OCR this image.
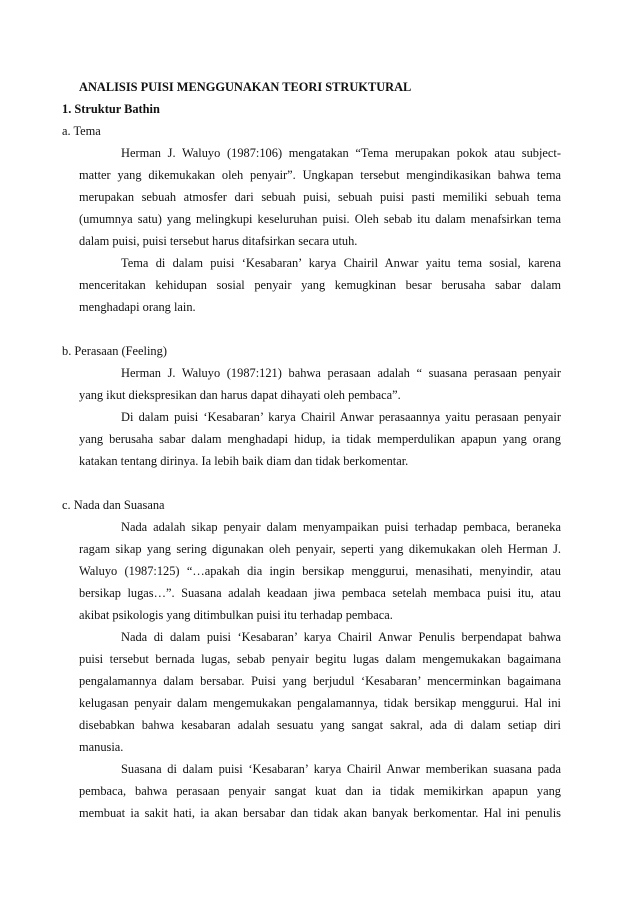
ANALISIS PUISI MENGGUNAKAN TEORI STRUKTURAL
1. Struktur Bathin
a. Tema
Herman J. Waluyo (1987:106) mengatakan “Tema merupakan pokok atau subject-
matter yang dikemukakan oleh penyair”. Ungkapan tersebut mengindikasikan bahwa tema
merupakan sebuah atmosfer dari sebuah puisi, sebuah puisi pasti memiliki sebuah tema
(umumnya satu) yang melingkupi keseluruhan puisi. Oleh sebab itu dalam menafsirkan tema
dalam puisi, puisi tersebut harus ditafsirkan secara utuh.
Tema di dalam puisi ‘Kesabaran’ karya Chairil Anwar yaitu tema sosial, karena
menceritakan kehidupan sosial penyair yang kemugkinan besar berusaha sabar dalam
menghadapi orang lain.
b. Perasaan (Feeling)
Herman J. Waluyo (1987:121) bahwa perasaan adalah “ suasana perasaan penyair
yang ikut diekspresikan dan harus dapat dihayati oleh pembaca”.
Di dalam puisi ‘Kesabaran’ karya Chairil Anwar perasaannya yaitu perasaan penyair
yang berusaha sabar dalam menghadapi hidup, ia tidak memperdulikan apapun yang orang
katakan tentang dirinya. Ia lebih baik diam dan tidak berkomentar.
c. Nada dan Suasana
Nada adalah sikap penyair dalam menyampaikan puisi terhadap pembaca, beraneka
ragam sikap yang sering digunakan oleh penyair, seperti yang dikemukakan oleh Herman J.
Waluyo (1987:125) “…apakah dia ingin bersikap menggurui, menasihati, menyindir, atau
bersikap lugas…”. Suasana adalah keadaan jiwa pembaca setelah membaca puisi itu, atau
akibat psikologis yang ditimbulkan puisi itu terhadap pembaca.
Nada di dalam puisi ‘Kesabaran’ karya Chairil Anwar Penulis berpendapat bahwa
puisi tersebut bernada lugas, sebab penyair begitu lugas dalam mengemukakan bagaimana
pengalamannya dalam bersabar. Puisi yang berjudul ‘Kesabaran’ mencerminkan bagaimana
kelugasan penyair dalam mengemukakan pengalamannya, tidak bersikap menggurui. Hal ini
disebabkan bahwa kesabaran adalah sesuatu yang sangat sakral, ada di dalam setiap diri
manusia.
Suasana di dalam puisi ‘Kesabaran’ karya Chairil Anwar memberikan suasana pada
pembaca, bahwa perasaan penyair sangat kuat dan ia tidak memikirkan apapun yang
membuat ia sakit hati, ia akan bersabar dan tidak akan banyak berkomentar. Hal ini penulis
